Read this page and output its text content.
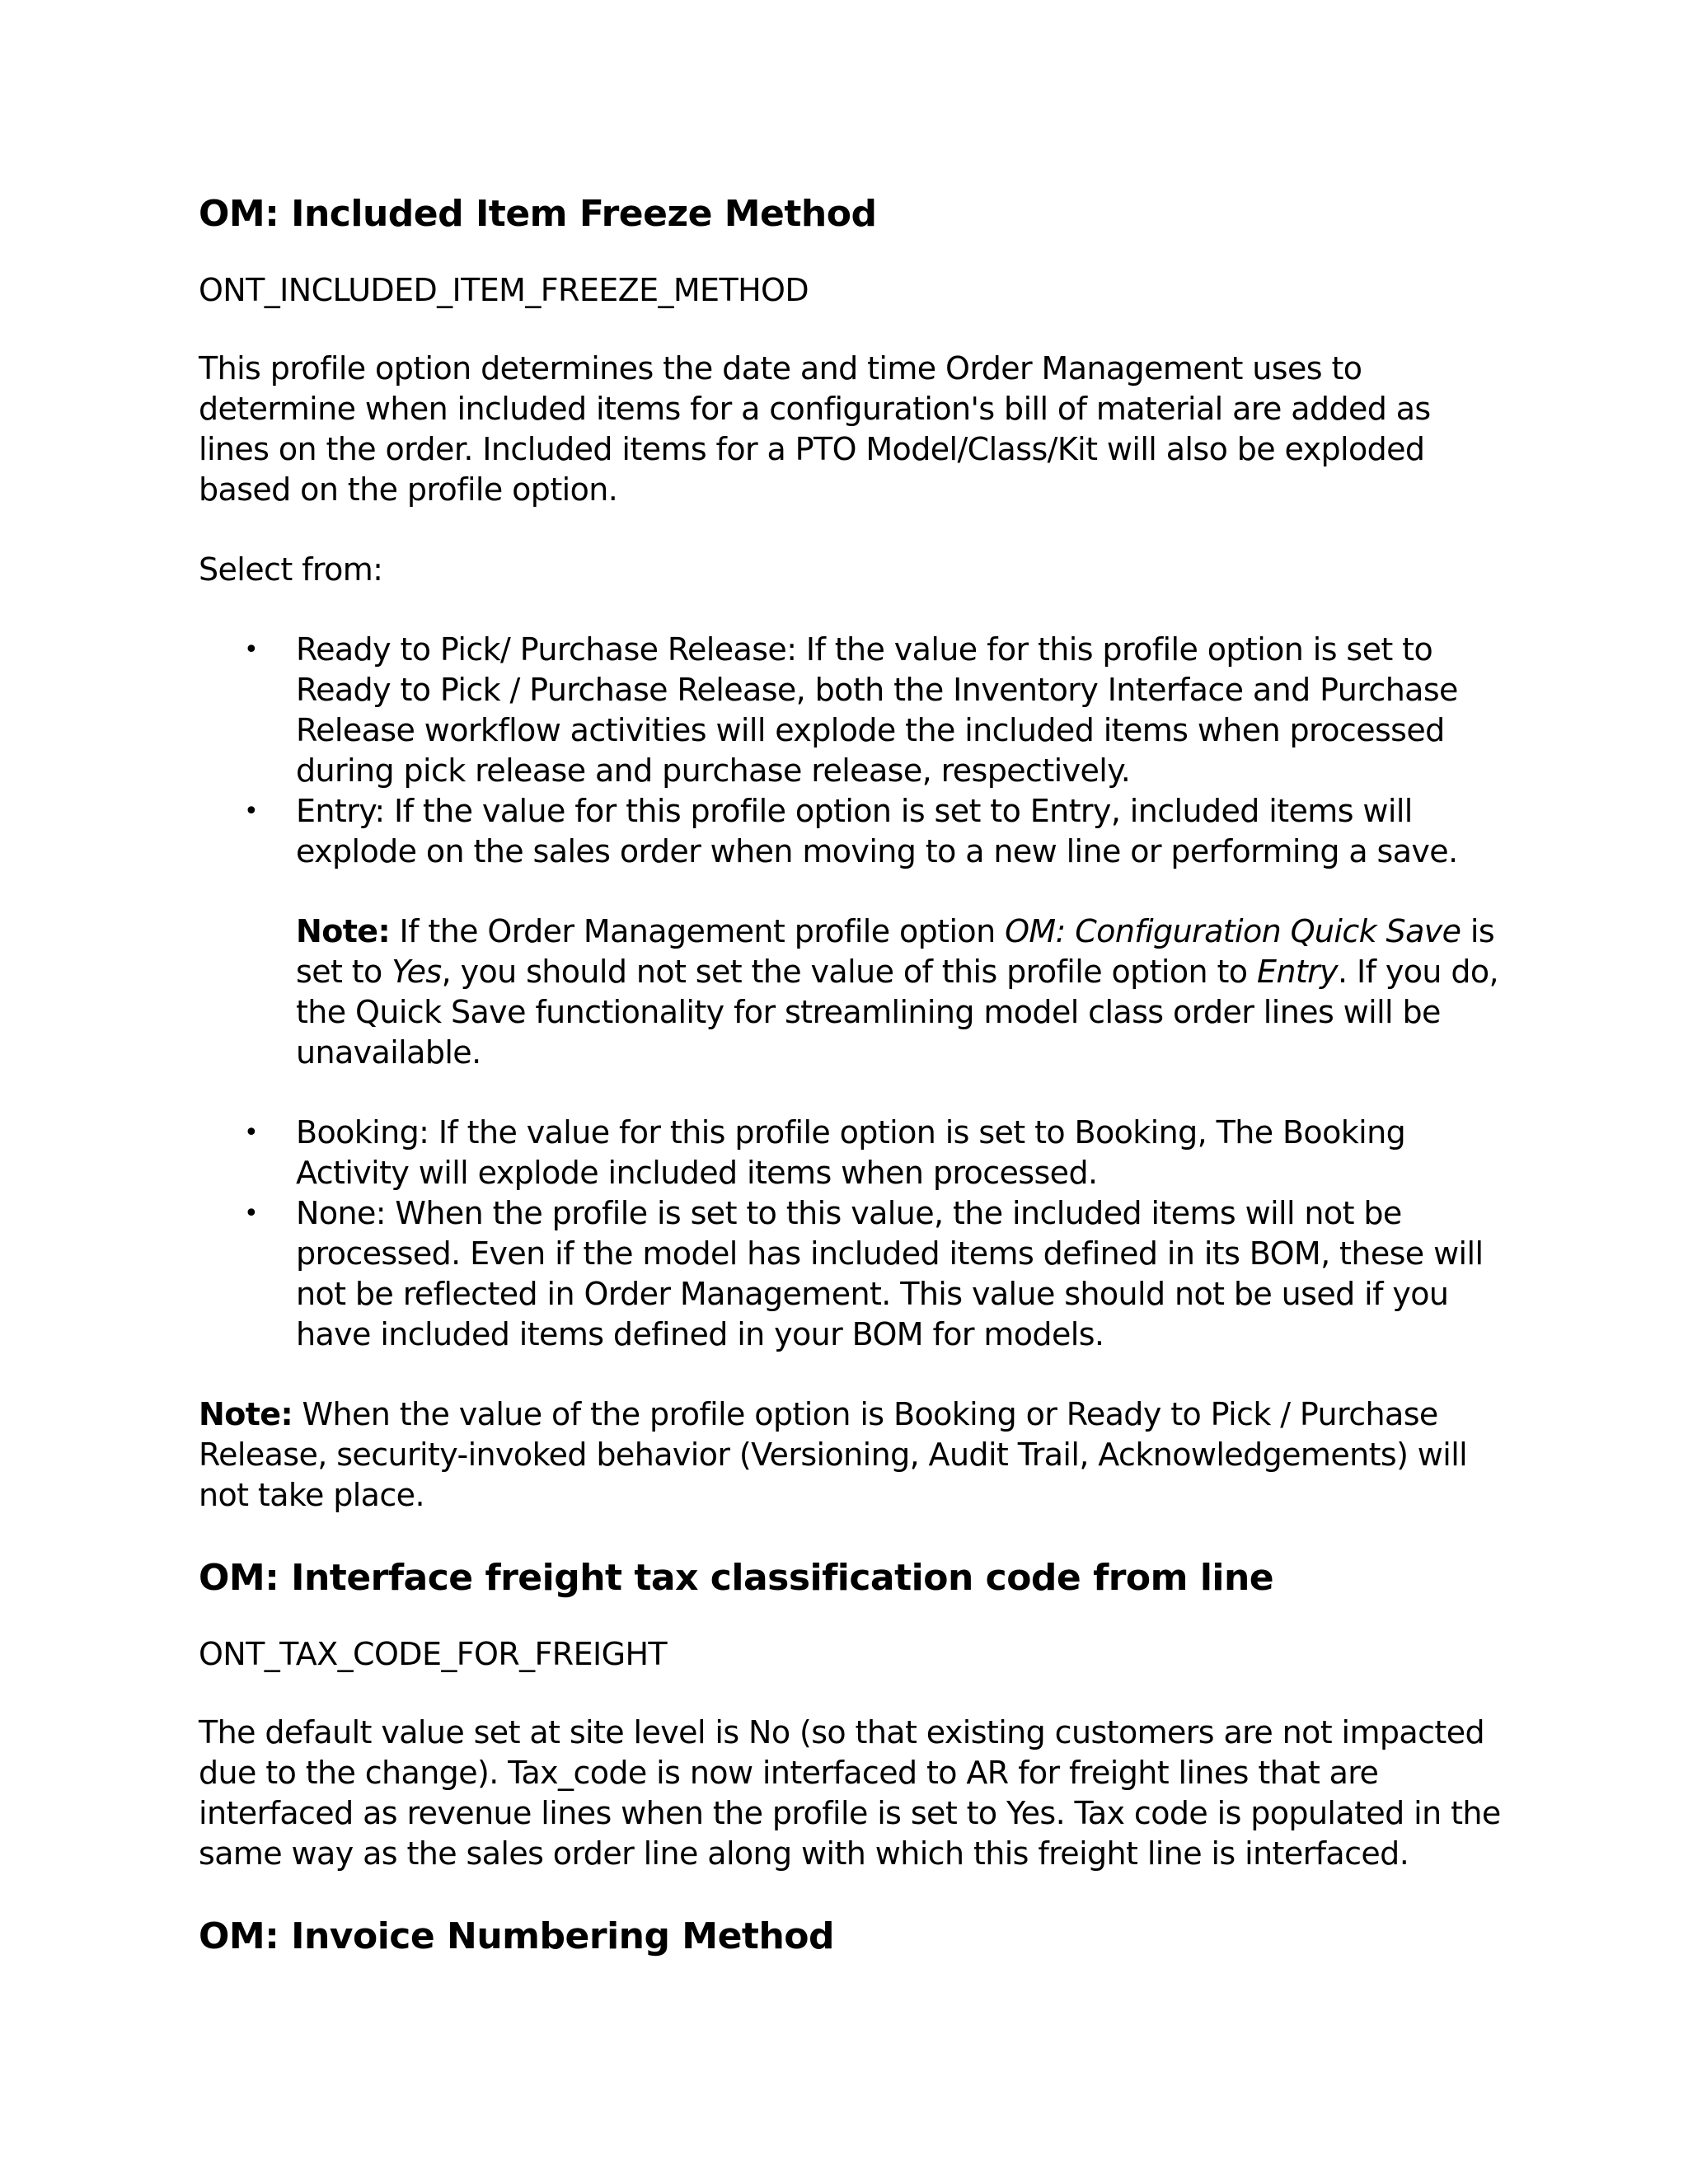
OM: Included Item Freeze Method

ONT_INCLUDED_ITEM_FREEZE_METHOD

This profile option determines the date and time Order Management uses to determine when included items for a configuration's bill of material are added as lines on the order. Included items for a PTO Model/Class/Kit will also be exploded based on the profile option.

Select from:

• Ready to Pick/ Purchase Release: If the value for this profile option is set to Ready to Pick / Purchase Release, both the Inventory Interface and Purchase Release workflow activities will explode the included items when processed during pick release and purchase release, respectively.
• Entry: If the value for this profile option is set to Entry, included items will explode on the sales order when moving to a new line or performing a save.
Note: If the Order Management profile option OM: Configuration Quick Save is set to Yes, you should not set the value of this profile option to Entry. If you do, the Quick Save functionality for streamlining model class order lines will be unavailable.
• Booking: If the value for this profile option is set to Booking, The Booking Activity will explode included items when processed.
• None: When the profile is set to this value, the included items will not be processed. Even if the model has included items defined in its BOM, these will not be reflected in Order Management. This value should not be used if you have included items defined in your BOM for models.

Note: When the value of the profile option is Booking or Ready to Pick / Purchase Release, security-invoked behavior (Versioning, Audit Trail, Acknowledgements) will not take place.

OM: Interface freight tax classification code from line

ONT_TAX_CODE_FOR_FREIGHT

The default value set at site level is No (so that existing customers are not impacted due to the change). Tax_code is now interfaced to AR for freight lines that are interfaced as revenue lines when the profile is set to Yes. Tax code is populated in the same way as the sales order line along with which this freight line is interfaced.

OM: Invoice Numbering Method
